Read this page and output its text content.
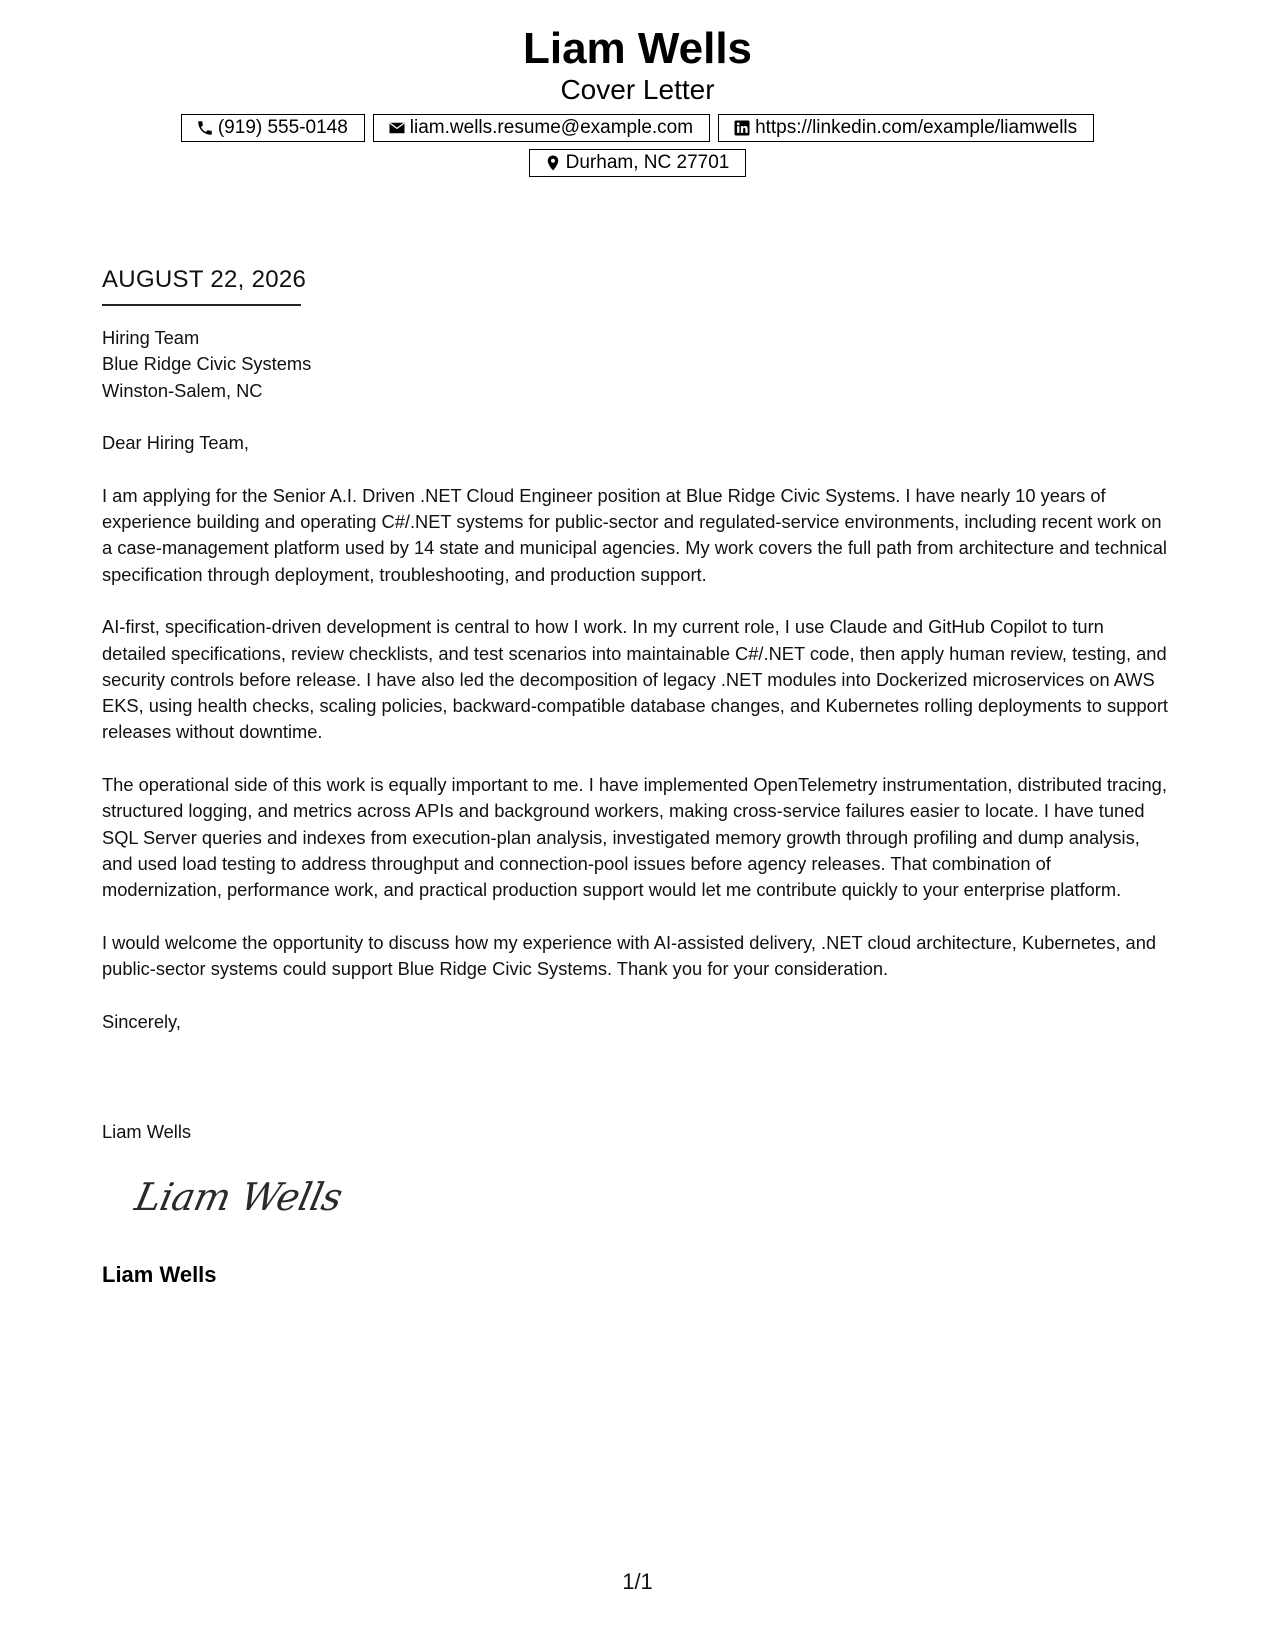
Liam Wells
Cover Letter
(919) 555-0148	liam.wells.resume@example.com	https://linkedin.com/example/liamwells
Durham, NC 27701
AUGUST 22, 2026

Hiring Team
Blue Ridge Civic Systems
Winston-Salem, NC

Dear Hiring Team,

I am applying for the Senior A.I. Driven .NET Cloud Engineer position at Blue Ridge Civic Systems. I have nearly 10 years of experience building and operating C#/.NET systems for public-sector and regulated-service environments, including recent work on a case-management platform used by 14 state and municipal agencies. My work covers the full path from architecture and technical specification through deployment, troubleshooting, and production support.

AI-first, specification-driven development is central to how I work. In my current role, I use Claude and GitHub Copilot to turn detailed specifications, review checklists, and test scenarios into maintainable C#/.NET code, then apply human review, testing, and security controls before release. I have also led the decomposition of legacy .NET modules into Dockerized microservices on AWS EKS, using health checks, scaling policies, backward-compatible database changes, and Kubernetes rolling deployments to support releases without downtime.

The operational side of this work is equally important to me. I have implemented OpenTelemetry instrumentation, distributed tracing, structured logging, and metrics across APIs and background workers, making cross-service failures easier to locate. I have tuned SQL Server queries and indexes from execution-plan analysis, investigated memory growth through profiling and dump analysis, and used load testing to address throughput and connection-pool issues before agency releases. That combination of modernization, performance work, and practical production support would let me contribute quickly to your enterprise platform.

I would welcome the opportunity to discuss how my experience with AI-assisted delivery, .NET cloud architecture, Kubernetes, and public-sector systems could support Blue Ridge Civic Systems. Thank you for your consideration.

Sincerely,

Liam Wells
Liam Wells
Liam Wells
1/1
